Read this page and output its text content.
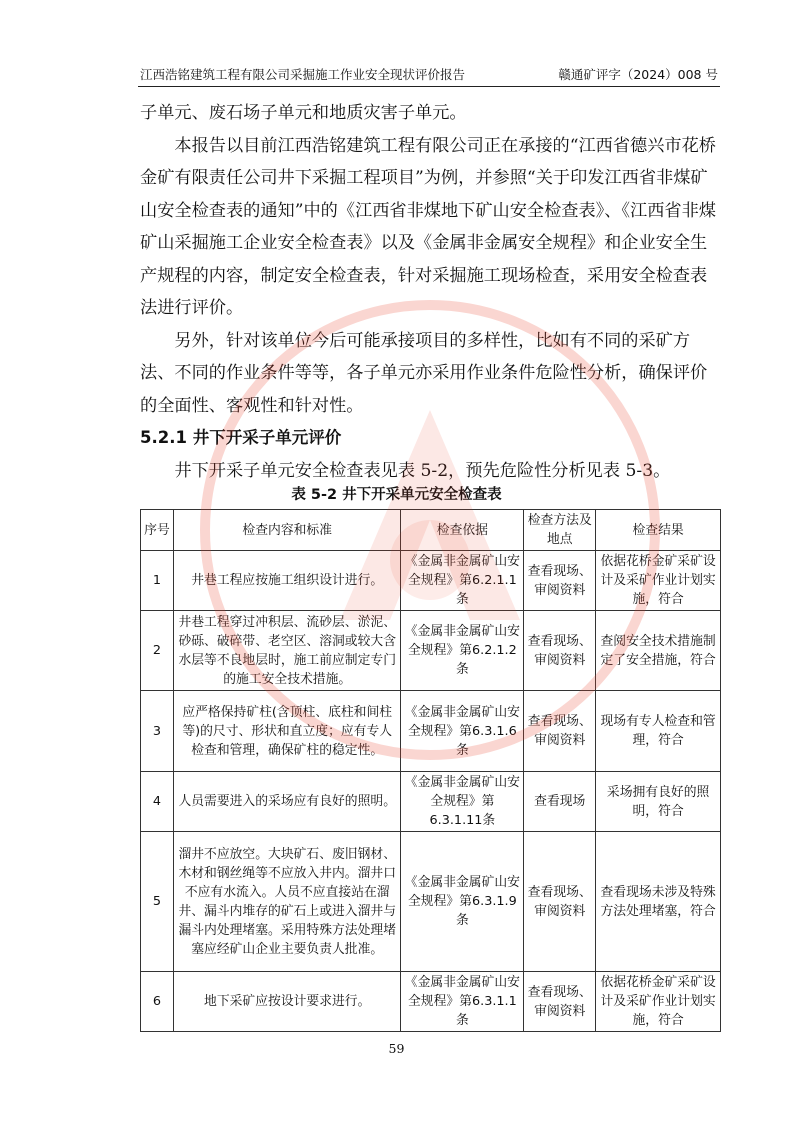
江西浩铭建筑工程有限公司采掘施工作业安全现状评价报告	赣通矿评字（2024）008 号

子单元、废石场子单元和地质灾害子单元。

本报告以目前江西浩铭建筑工程有限公司正在承接的“江西省德兴市花桥金矿有限责任公司井下采掘工程项目”为例，并参照“关于印发江西省非煤矿山安全检查表的通知”中的《江西省非煤地下矿山安全检查表》、《江西省非煤矿山采掘施工企业安全检查表》以及《金属非金属安全规程》和企业安全生产规程的内容，制定安全检查表，针对采掘施工现场检查，采用安全检查表法进行评价。

另外，针对该单位今后可能承接项目的多样性，比如有不同的采矿方法、不同的作业条件等等，各子单元亦采用作业条件危险性分析，确保评价的全面性、客观性和针对性。

5.2.1 井下开采子单元评价

井下开采子单元安全检查表见表 5-2，预先危险性分析见表 5-3。

表 5-2 井下开采单元安全检查表
序号	检查内容和标准	检查依据	检查方法及地点	检查结果
1	井巷工程应按施工组织设计进行。	《金属非金属矿山安全规程》第6.2.1.1条	查看现场、审阅资料	依据花桥金矿采矿设计及采矿作业计划实施，符合
2	井巷工程穿过冲积层、流砂层、淤泥、砂砾、破碎带、老空区、溶洞或较大含水层等不良地层时，施工前应制定专门的施工安全技术措施。	《金属非金属矿山安全规程》第6.2.1.2条	查看现场、审阅资料	查阅安全技术措施制定了安全措施，符合
3	应严格保持矿柱(含顶柱、底柱和间柱等)的尺寸、形状和直立度；应有专人检查和管理，确保矿柱的稳定性。	《金属非金属矿山安全规程》第6.3.1.6条	查看现场、审阅资料	现场有专人检查和管理，符合
4	人员需要进入的采场应有良好的照明。	《金属非金属矿山安全规程》第6.3.1.11条	查看现场	采场拥有良好的照明，符合
5	溜井不应放空。大块矿石、废旧钢材、木材和钢丝绳等不应放入井内。溜井口不应有水流入。人员不应直接站在溜井、漏斗内堆存的矿石上或进入溜井与漏斗内处理堵塞。采用特殊方法处理堵塞应经矿山企业主要负责人批准。	《金属非金属矿山安全规程》第6.3.1.9条	查看现场、审阅资料	查看现场未涉及特殊方法处理堵塞，符合
6	地下采矿应按设计要求进行。	《金属非金属矿山安全规程》第6.3.1.1条	查看现场、审阅资料	依据花桥金矿采矿设计及采矿作业计划实施，符合
59
